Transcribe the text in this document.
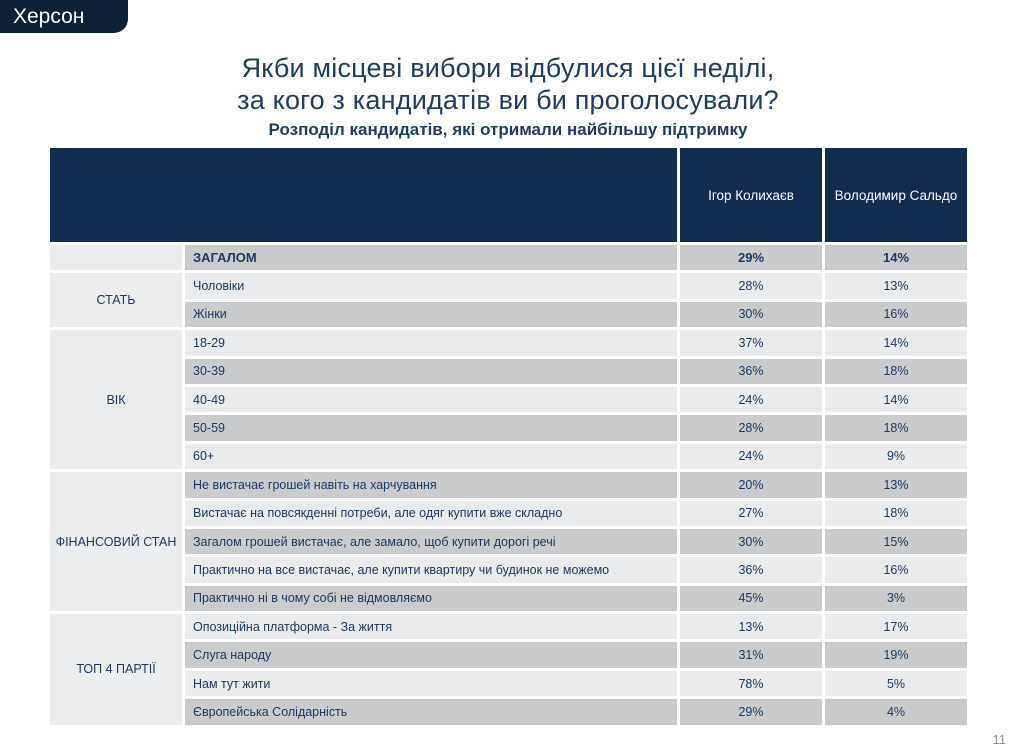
Херсон
Якби місцеві вибори відбулися цієї неділі,
за кого з кандидатів ви би проголосували?
Розподіл кандидатів, які отримали найбільшу підтримку
		Ігор Колихаєв	Володимир Сальдо
	ЗАГАЛОМ	29%	14%
СТАТЬ	Чоловіки	28%	13%
	Жінки	30%	16%
ВІК	18-29	37%	14%
	30-39	36%	18%
	40-49	24%	14%
	50-59	28%	18%
	60+	24%	9%
ФІНАНСОВИЙ СТАН	Не вистачає грошей навіть на харчування	20%	13%
	Вистачає на повсякденні потреби, але одяг купити вже складно	27%	18%
	Загалом грошей вистачає, але замало, щоб купити дорогі речі	30%	15%
	Практично на все вистачає, але купити квартиру чи будинок не можемо	36%	16%
	Практично ні в чому собі не відмовляємо	45%	3%
ТОП 4 ПАРТІЇ	Опозиційна платформа - За життя	13%	17%
	Слуга народу	31%	19%
	Нам тут жити	78%	5%
	Європейська Солідарність	29%	4%
11
